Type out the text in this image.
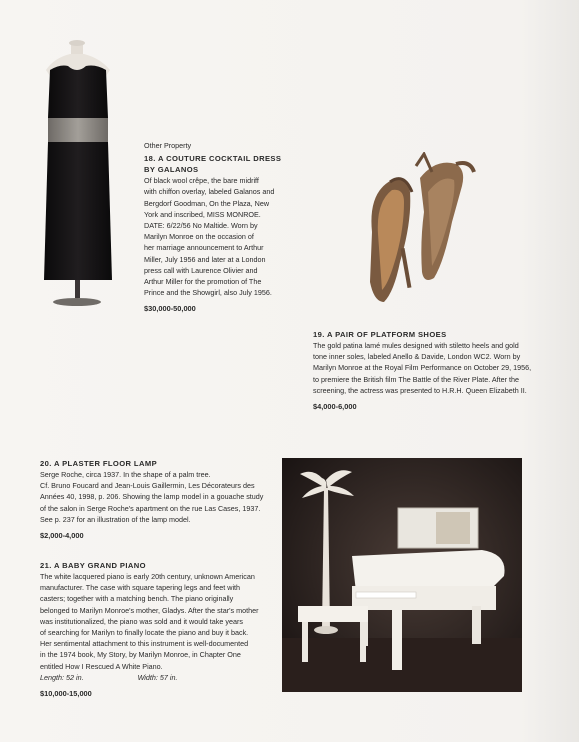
Other Property

18. A COUTURE COCKTAIL DRESS

BY GALANOS

Of black wool crêpe, the bare midriff

with chiffon overlay, labeled Galanos and

Bergdorf Goodman, On the Plaza, New

York and inscribed, MISS MONROE.

DATE: 6/22/56 No Maltide. Worn by

Marilyn Monroe on the occasion of

her marriage announcement to Arthur

Miller, July 1956 and later at a London

press call with Laurence Olivier and

Arthur Miller for the promotion of The

Prince and the Showgirl, also July 1956.

$30,000-50,000

19. A PAIR OF PLATFORM SHOES

The gold patina lamé mules designed with stiletto heels and gold

tone inner soles, labeled Anello & Davide, London WC2. Worn by

Marilyn Monroe at the Royal Film Performance on October 29, 1956,

to premiere the British film The Battle of the River Plate. After the

screening, the actress was presented to H.R.H. Queen Elizabeth II.

$4,000-6,000

20. A PLASTER FLOOR LAMP

Serge Roche, circa 1937. In the shape of a palm tree.

Cf. Bruno Foucard and Jean-Louis Gaillermin, Les Décorateurs des

Années 40, 1998, p. 206. Showing the lamp model in a gouache study

of the salon in Serge Roche's apartment on the rue Las Cases, 1937.

See p. 237 for an illustration of the lamp model.

$2,000-4,000

21. A BABY GRAND PIANO

The white lacquered piano is early 20th century, unknown American

manufacturer. The case with square tapering legs and feet with

casters; together with a matching bench. The piano originally

belonged to Marilyn Monroe's mother, Gladys. After the star's mother

was institutionalized, the piano was sold and it would take years

of searching for Marilyn to finally locate the piano and buy it back.

Her sentimental attachment to this instrument is well-documented

in the 1974 book, My Story, by Marilyn Monroe, in Chapter One

entitled How I Rescued A White Piano.

Length: 52 in.	Width: 57 in.

$10,000-15,000
